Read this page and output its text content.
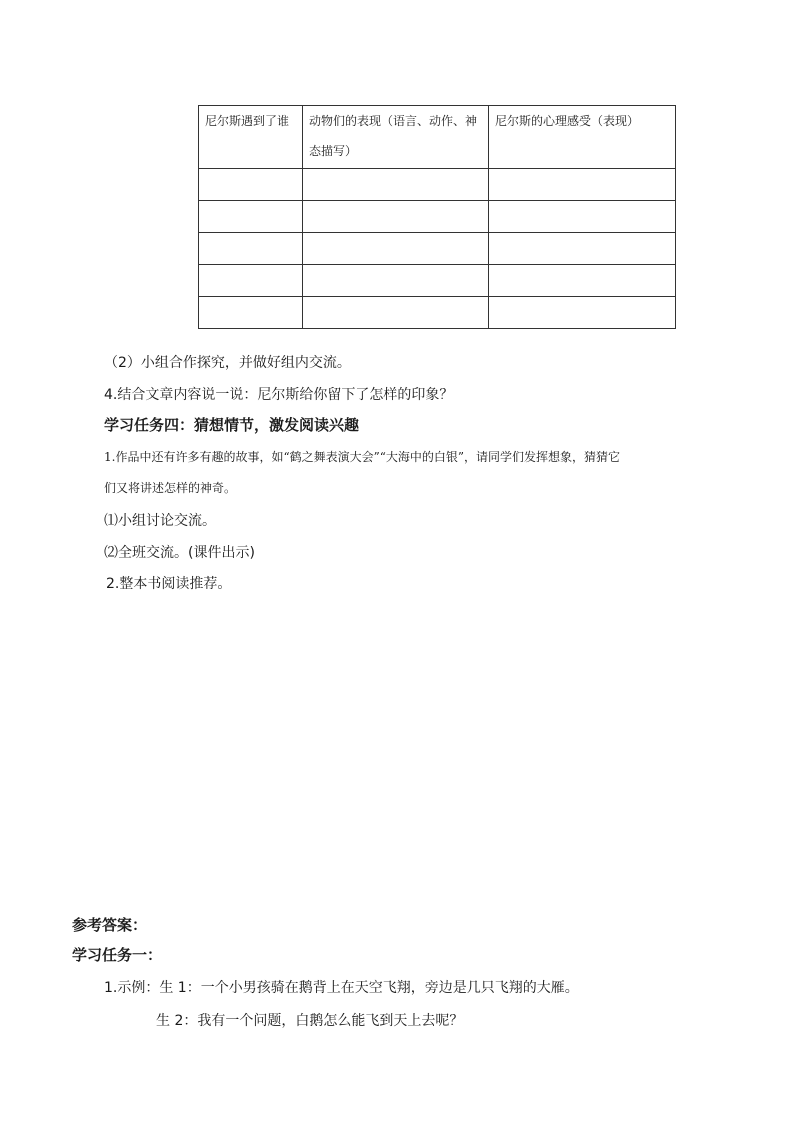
尼尔斯遇到了谁	动物们的表现（语言、动作、神态描写）	尼尔斯的心理感受（表现）

（2）小组合作探究，并做好组内交流。
4.结合文章内容说一说：尼尔斯给你留下了怎样的印象？
学习任务四：猜想情节，激发阅读兴趣
1.作品中还有许多有趣的故事，如“鹤之舞表演大会”“大海中的白银”，请同学们发挥想象，猜猜它
们又将讲述怎样的神奇。
⑴小组讨论交流。
⑵全班交流。(课件出示)
2.整本书阅读推荐。
参考答案：
学习任务一：
1.示例：生 1：一个小男孩骑在鹅背上在天空飞翔，旁边是几只飞翔的大雁。
生 2：我有一个问题，白鹅怎么能飞到天上去呢？
